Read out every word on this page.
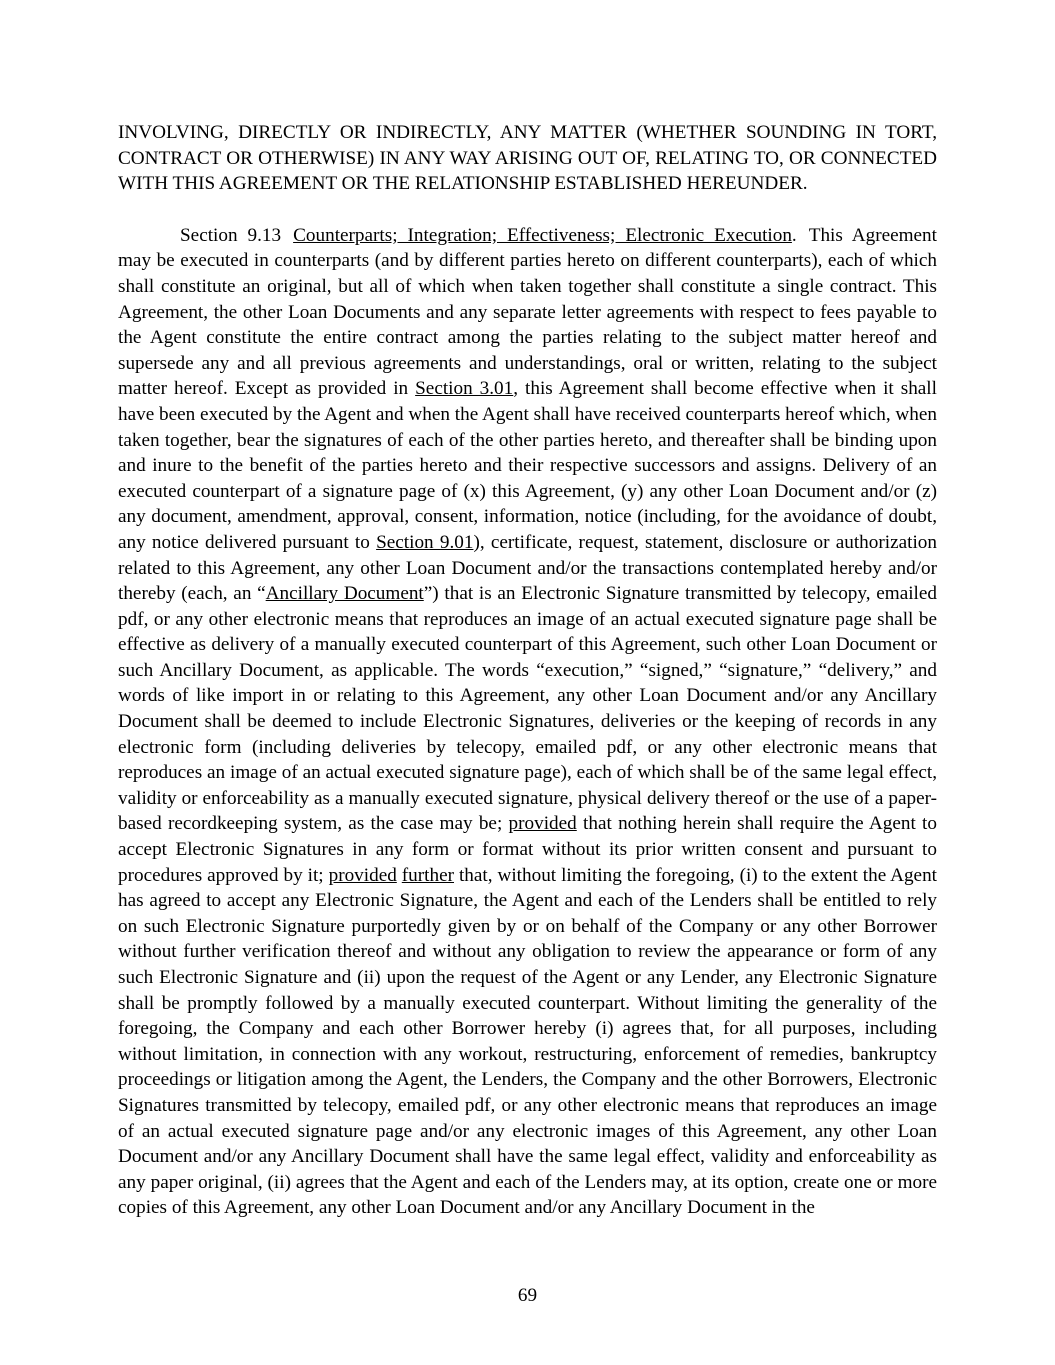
INVOLVING, DIRECTLY OR INDIRECTLY, ANY MATTER (WHETHER SOUNDING IN TORT, CONTRACT OR OTHERWISE) IN ANY WAY ARISING OUT OF, RELATING TO, OR CONNECTED WITH THIS AGREEMENT OR THE RELATIONSHIP ESTABLISHED HEREUNDER.

Section 9.13 Counterparts; Integration; Effectiveness; Electronic Execution. This Agreement may be executed in counterparts (and by different parties hereto on different counterparts), each of which shall constitute an original, but all of which when taken together shall constitute a single contract. This Agreement, the other Loan Documents and any separate letter agreements with respect to fees payable to the Agent constitute the entire contract among the parties relating to the subject matter hereof and supersede any and all previous agreements and understandings, oral or written, relating to the subject matter hereof. Except as provided in Section 3.01, this Agreement shall become effective when it shall have been executed by the Agent and when the Agent shall have received counterparts hereof which, when taken together, bear the signatures of each of the other parties hereto, and thereafter shall be binding upon and inure to the benefit of the parties hereto and their respective successors and assigns. Delivery of an executed counterpart of a signature page of (x) this Agreement, (y) any other Loan Document and/or (z) any document, amendment, approval, consent, information, notice (including, for the avoidance of doubt, any notice delivered pursuant to Section 9.01), certificate, request, statement, disclosure or authorization related to this Agreement, any other Loan Document and/or the transactions contemplated hereby and/or thereby (each, an “Ancillary Document”) that is an Electronic Signature transmitted by telecopy, emailed pdf, or any other electronic means that reproduces an image of an actual executed signature page shall be effective as delivery of a manually executed counterpart of this Agreement, such other Loan Document or such Ancillary Document, as applicable. The words “execution,” “signed,” “signature,” “delivery,” and words of like import in or relating to this Agreement, any other Loan Document and/or any Ancillary Document shall be deemed to include Electronic Signatures, deliveries or the keeping of records in any electronic form (including deliveries by telecopy, emailed pdf, or any other electronic means that reproduces an image of an actual executed signature page), each of which shall be of the same legal effect, validity or enforceability as a manually executed signature, physical delivery thereof or the use of a paper-based recordkeeping system, as the case may be; provided that nothing herein shall require the Agent to accept Electronic Signatures in any form or format without its prior written consent and pursuant to procedures approved by it; provided further that, without limiting the foregoing, (i) to the extent the Agent has agreed to accept any Electronic Signature, the Agent and each of the Lenders shall be entitled to rely on such Electronic Signature purportedly given by or on behalf of the Company or any other Borrower without further verification thereof and without any obligation to review the appearance or form of any such Electronic Signature and (ii) upon the request of the Agent or any Lender, any Electronic Signature shall be promptly followed by a manually executed counterpart. Without limiting the generality of the foregoing, the Company and each other Borrower hereby (i) agrees that, for all purposes, including without limitation, in connection with any workout, restructuring, enforcement of remedies, bankruptcy proceedings or litigation among the Agent, the Lenders, the Company and the other Borrowers, Electronic Signatures transmitted by telecopy, emailed pdf, or any other electronic means that reproduces an image of an actual executed signature page and/or any electronic images of this Agreement, any other Loan Document and/or any Ancillary Document shall have the same legal effect, validity and enforceability as any paper original, (ii) agrees that the Agent and each of the Lenders may, at its option, create one or more copies of this Agreement, any other Loan Document and/or any Ancillary Document in the

69
